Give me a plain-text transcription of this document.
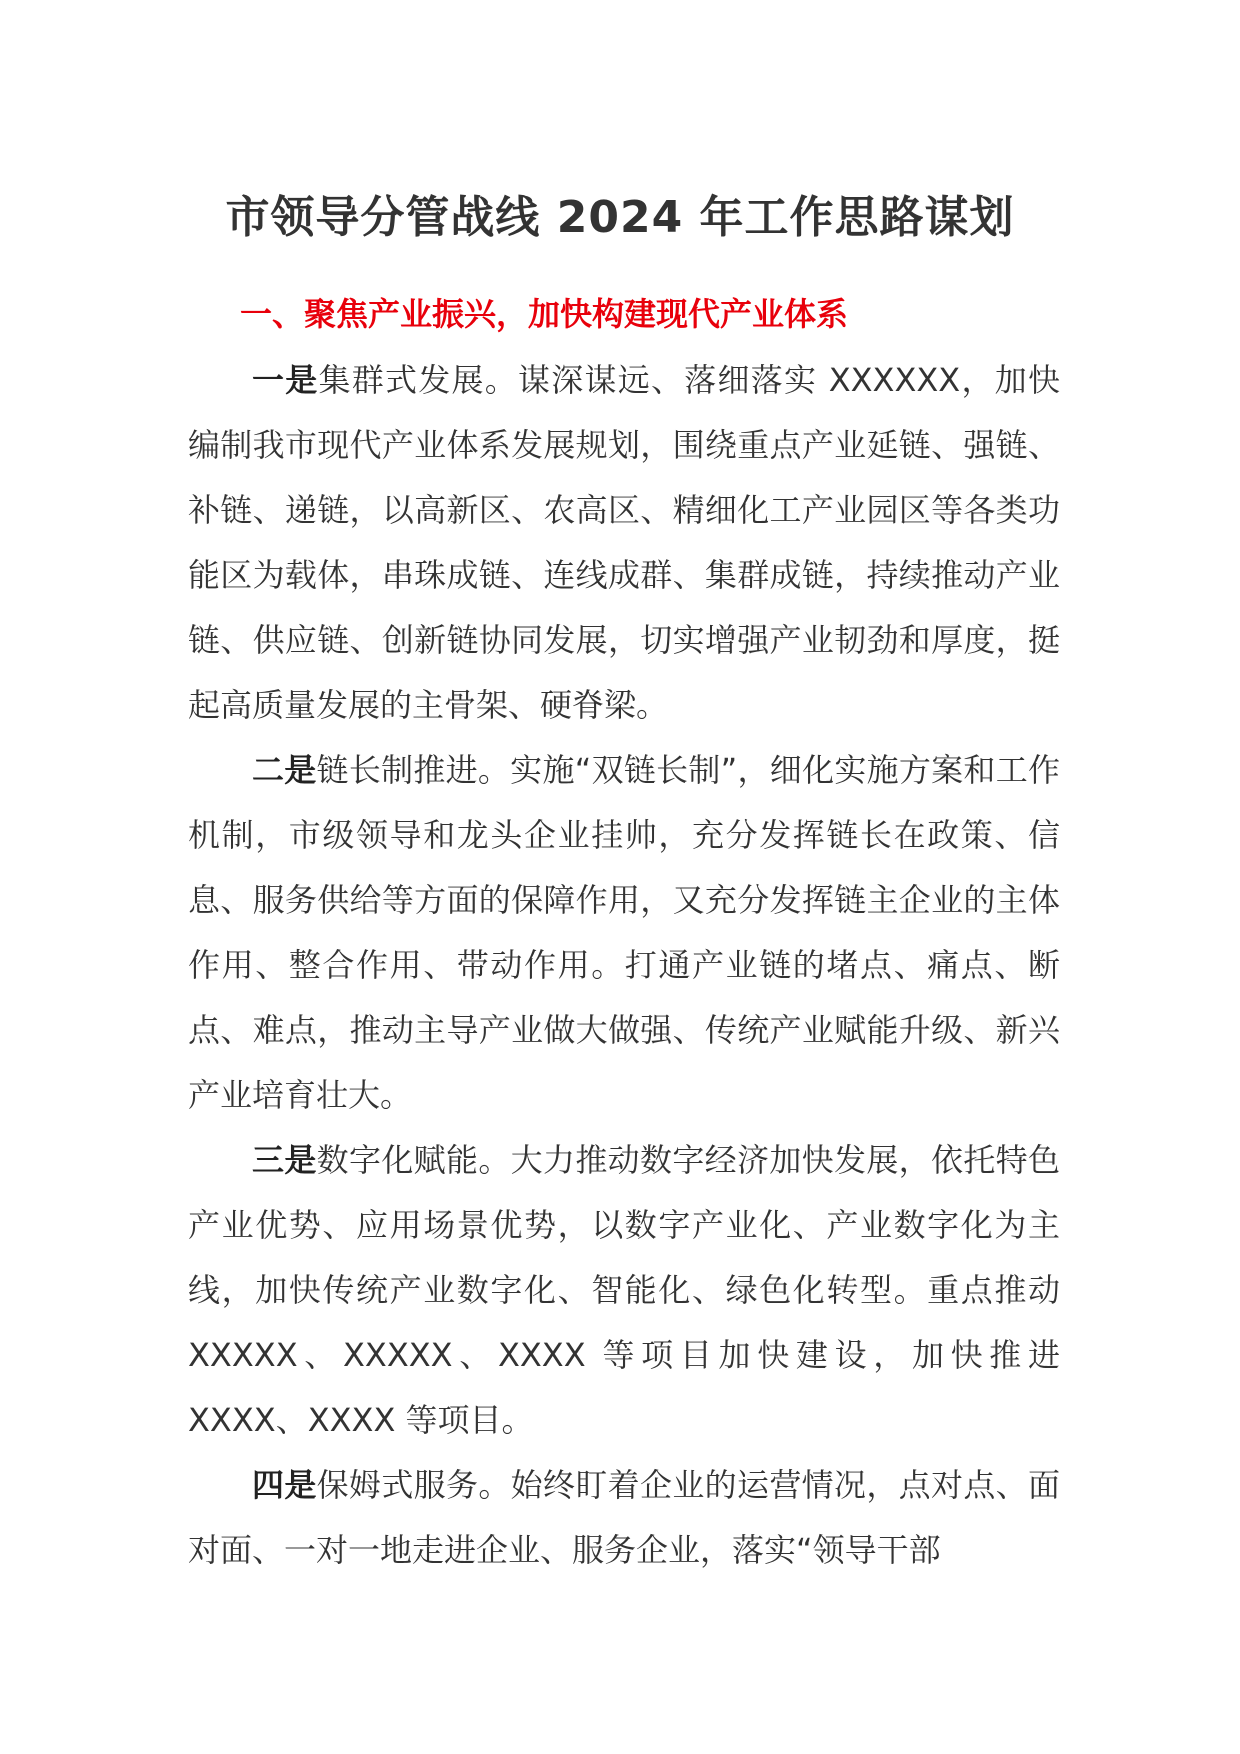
市领导分管战线 2024 年工作思路谋划
一、聚焦产业振兴，加快构建现代产业体系

一是集群式发展。谋深谋远、落细落实 XXXXXX，加快编制我市现代产业体系发展规划，围绕重点产业延链、强链、补链、递链，以高新区、农高区、精细化工产业园区等各类功能区为载体，串珠成链、连线成群、集群成链，持续推动产业链、供应链、创新链协同发展，切实增强产业韧劲和厚度，挺起高质量发展的主骨架、硬脊梁。

二是链长制推进。实施“双链长制”，细化实施方案和工作机制，市级领导和龙头企业挂帅，充分发挥链长在政策、信息、服务供给等方面的保障作用，又充分发挥链主企业的主体作用、整合作用、带动作用。打通产业链的堵点、痛点、断点、难点，推动主导产业做大做强、传统产业赋能升级、新兴产业培育壮大。

三是数字化赋能。大力推动数字经济加快发展，依托特色产业优势、应用场景优势，以数字产业化、产业数字化为主线，加快传统产业数字化、智能化、绿色化转型。重点推动 XXXXX、XXXXX、XXXX 等项目加快建设，加快推进 XXXX、XXXX 等项目。

四是保姆式服务。始终盯着企业的运营情况，点对点、面对面、一对一地走进企业、服务企业，落实“领导干部
